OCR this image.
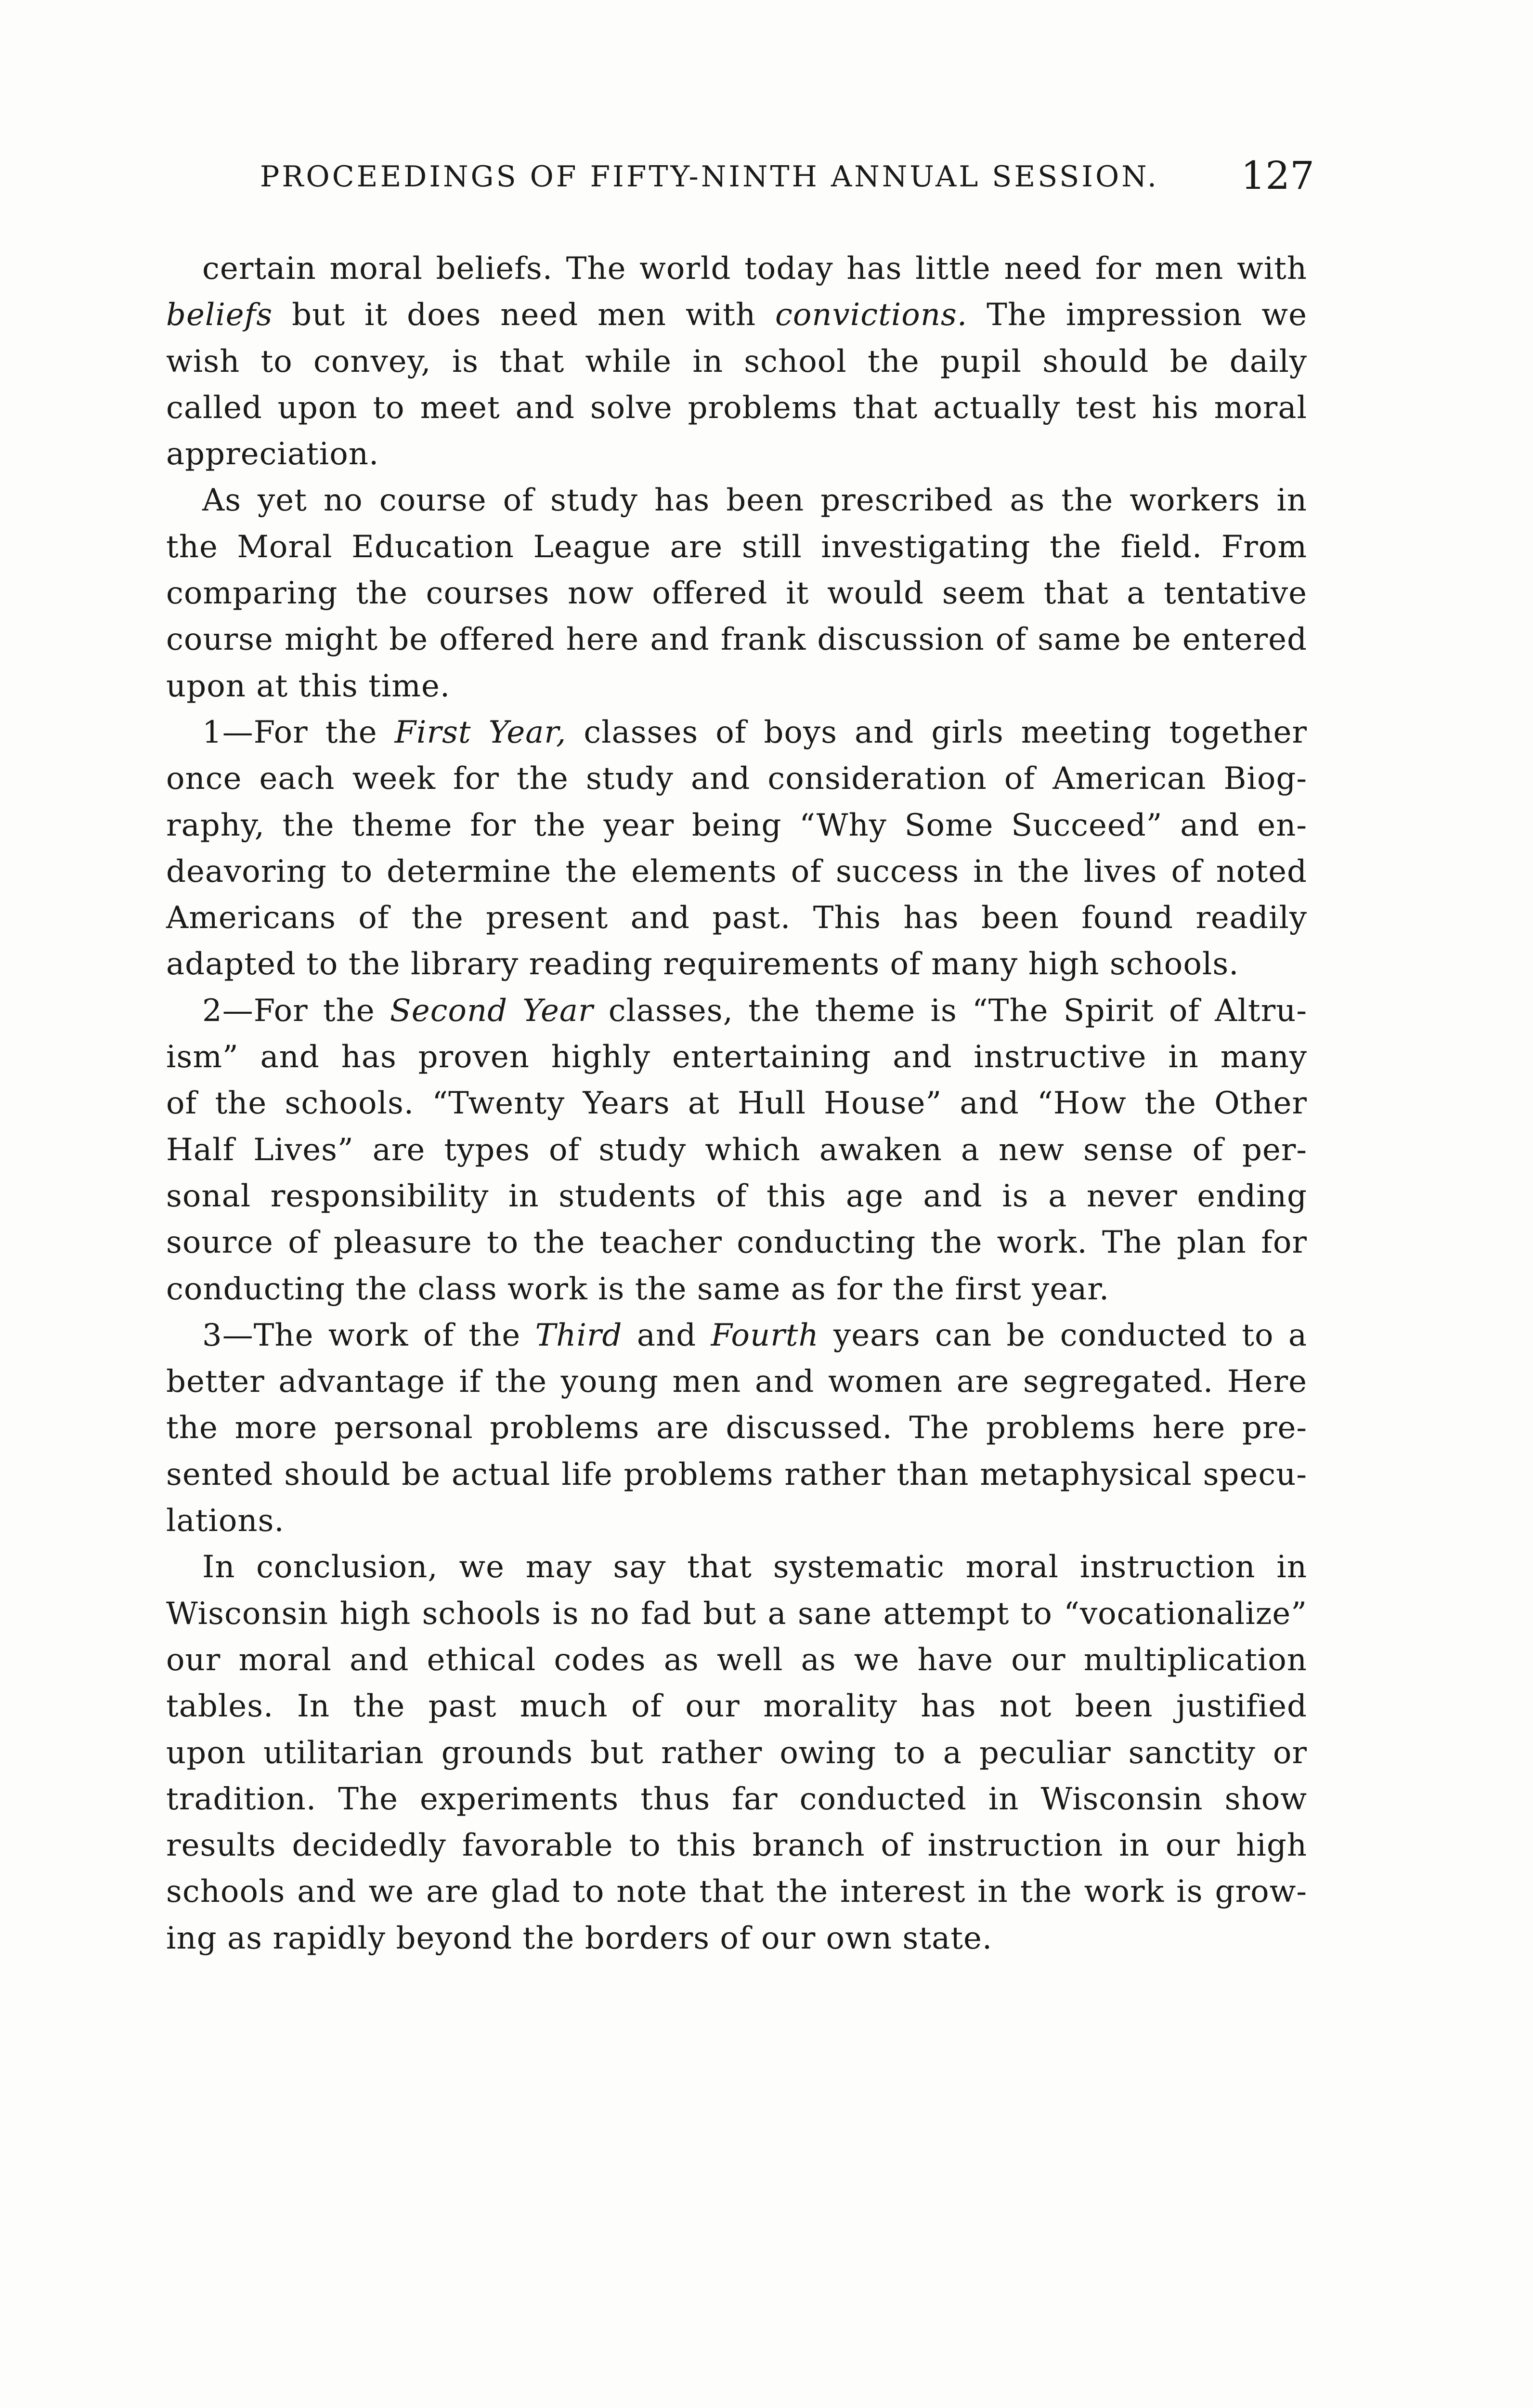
PROCEEDINGS OF FIFTY-NINTH ANNUAL SESSION. 127
certain moral beliefs. The world today has little need for men with
beliefs but it does need men with convictions. The impression we
wish to convey, is that while in school the pupil should be daily
called upon to meet and solve problems that actually test his moral
appreciation.
As yet no course of study has been prescribed as the workers in
the Moral Education League are still investigating the field. From
comparing the courses now offered it would seem that a tentative
course might be offered here and frank discussion of same be entered
upon at this time.
1—For the First Year, classes of boys and girls meeting together
once each week for the study and consideration of American Biog-
raphy, the theme for the year being “Why Some Succeed” and en-
deavoring to determine the elements of success in the lives of noted
Americans of the present and past. This has been found readily
adapted to the library reading requirements of many high schools.
2—For the Second Year classes, the theme is “The Spirit of Altru-
ism” and has proven highly entertaining and instructive in many
of the schools. “Twenty Years at Hull House” and “How the Other
Half Lives” are types of study which awaken a new sense of per-
sonal responsibility in students of this age and is a never ending
source of pleasure to the teacher conducting the work. The plan for
conducting the class work is the same as for the first year.
3—The work of the Third and Fourth years can be conducted to a
better advantage if the young men and women are segregated. Here
the more personal problems are discussed. The problems here pre-
sented should be actual life problems rather than metaphysical specu-
lations.
In conclusion, we may say that systematic moral instruction in
Wisconsin high schools is no fad but a sane attempt to “vocationalize”
our moral and ethical codes as well as we have our multiplication
tables. In the past much of our morality has not been justified
upon utilitarian grounds but rather owing to a peculiar sanctity or
tradition. The experiments thus far conducted in Wisconsin show
results decidedly favorable to this branch of instruction in our high
schools and we are glad to note that the interest in the work is grow-
ing as rapidly beyond the borders of our own state.
